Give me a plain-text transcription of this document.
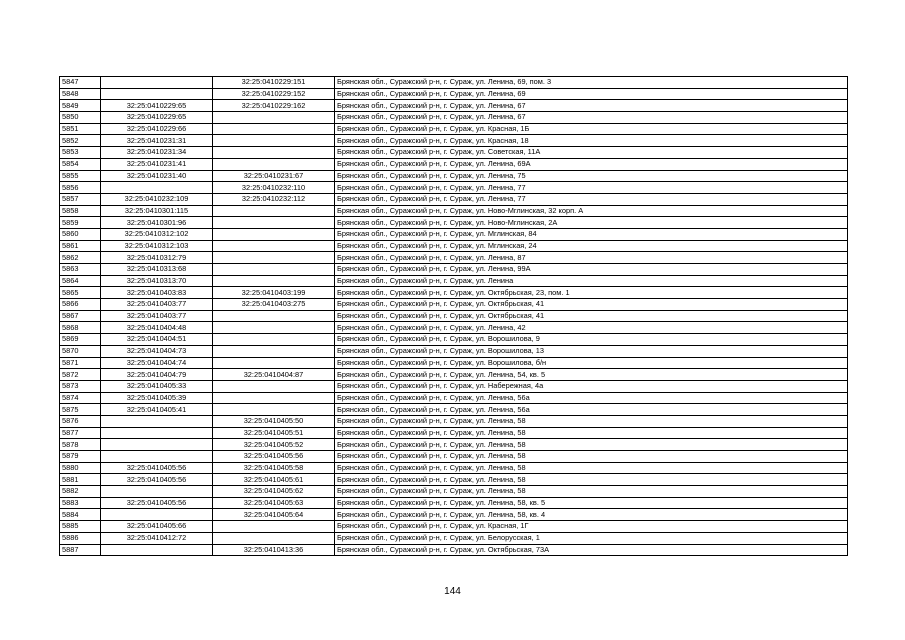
5847		32:25:0410229:151	Брянская обл., Суражский р-н, г. Сураж, ул. Ленина, 69, пом. 3
5848		32:25:0410229:152	Брянская обл., Суражский р-н, г. Сураж, ул. Ленина, 69
5849	32:25:0410229:65	32:25:0410229:162	Брянская обл., Суражский р-н, г. Сураж, ул. Ленина, 67
5850	32:25:0410229:65		Брянская обл., Суражский р-н, г. Сураж, ул. Ленина, 67
5851	32:25:0410229:66		Брянская обл., Суражский р-н, г. Сураж, ул. Красная, 1Б
5852	32:25:0410231:31		Брянская обл., Суражский р-н, г. Сураж, ул. Красная, 18
5853	32:25:0410231:34		Брянская обл., Суражский р-н, г. Сураж, ул. Советская, 11А
5854	32:25:0410231:41		Брянская обл., Суражский р-н, г. Сураж, ул. Ленина, 69А
5855	32:25:0410231:40	32:25:0410231:67	Брянская обл., Суражский р-н, г. Сураж, ул. Ленина, 75
5856		32:25:0410232:110	Брянская обл., Суражский р-н, г. Сураж, ул. Ленина, 77
5857	32:25:0410232:109	32:25:0410232:112	Брянская обл., Суражский р-н, г. Сураж, ул. Ленина, 77
5858	32:25:0410301:115		Брянская обл., Суражский р-н, г. Сураж, ул. Ново-Мглинская, 32 корп. А
5859	32:25:0410301:96		Брянская обл., Суражский р-н, г. Сураж, ул. Ново-Мглинская, 2А
5860	32:25:0410312:102		Брянская обл., Суражский р-н, г. Сураж, ул. Мглинская, 84
5861	32:25:0410312:103		Брянская обл., Суражский р-н, г. Сураж, ул. Мглинская, 24
5862	32:25:0410312:79		Брянская обл., Суражский р-н, г. Сураж, ул. Ленина, 87
5863	32:25:0410313:68		Брянская обл., Суражский р-н, г. Сураж, ул. Ленина, 99А
5864	32:25:0410313:70		Брянская обл., Суражский р-н, г. Сураж, ул. Ленина
5865	32:25:0410403:83	32:25:0410403:199	Брянская обл., Суражский р-н, г. Сураж, ул. Октябрьская, 23, пом. 1
5866	32:25:0410403:77	32:25:0410403:275	Брянская обл., Суражский р-н, г. Сураж, ул. Октябрьская, 41
5867	32:25:0410403:77		Брянская обл., Суражский р-н, г. Сураж, ул. Октябрьская, 41
5868	32:25:0410404:48		Брянская обл., Суражский р-н, г. Сураж, ул. Ленина, 42
5869	32:25:0410404:51		Брянская обл., Суражский р-н, г. Сураж, ул. Ворошилова, 9
5870	32:25:0410404:73		Брянская обл., Суражский р-н, г. Сураж, ул. Ворошилова, 13
5871	32:25:0410404:74		Брянская обл., Суражский р-н, г. Сураж, ул. Ворошилова, б/н
5872	32:25:0410404:79	32:25:0410404:87	Брянская обл., Суражский р-н, г. Сураж, ул. Ленина, 54, кв. 5
5873	32:25:0410405:33		Брянская обл., Суражский р-н, г. Сураж, ул. Набережная, 4а
5874	32:25:0410405:39		Брянская обл., Суражский р-н, г. Сураж, ул. Ленина, 56а
5875	32:25:0410405:41		Брянская обл., Суражский р-н, г. Сураж, ул. Ленина, 56а
5876		32:25:0410405:50	Брянская обл., Суражский р-н, г. Сураж, ул. Ленина, 58
5877		32:25:0410405:51	Брянская обл., Суражский р-н, г. Сураж, ул. Ленина, 58
5878		32:25:0410405:52	Брянская обл., Суражский р-н, г. Сураж, ул. Ленина, 58
5879		32:25:0410405:56	Брянская обл., Суражский р-н, г. Сураж, ул. Ленина, 58
5880	32:25:0410405:56	32:25:0410405:58	Брянская обл., Суражский р-н, г. Сураж, ул. Ленина, 58
5881	32:25:0410405:56	32:25:0410405:61	Брянская обл., Суражский р-н, г. Сураж, ул. Ленина, 58
5882		32:25:0410405:62	Брянская обл., Суражский р-н, г. Сураж, ул. Ленина, 58
5883	32:25:0410405:56	32:25:0410405:63	Брянская обл., Суражский р-н, г. Сураж, ул. Ленина, 58, кв. 5
5884		32:25:0410405:64	Брянская обл., Суражский р-н, г. Сураж, ул. Ленина, 58, кв. 4
5885	32:25:0410405:66		Брянская обл., Суражский р-н, г. Сураж, ул. Красная, 1Г
5886	32:25:0410412:72		Брянская обл., Суражский р-н, г. Сураж, ул. Белорусская, 1
5887		32:25:0410413:36	Брянская обл., Суражский р-н, г. Сураж, ул. Октябрьская, 73А
144
